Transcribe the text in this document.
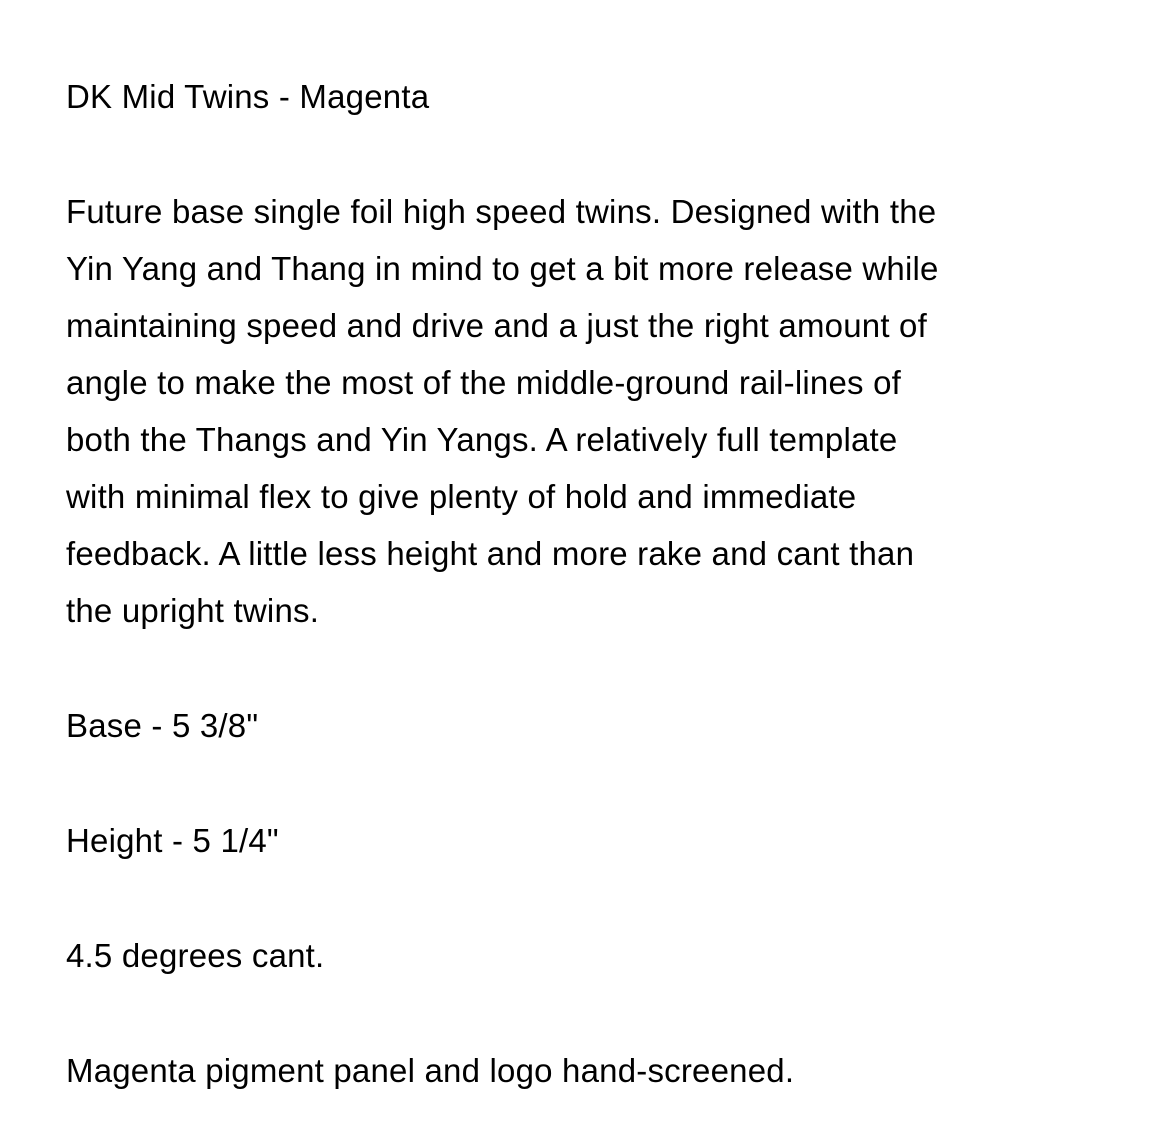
DK Mid Twins - Magenta
Future base single foil high speed twins. Designed with the
Yin Yang and Thang in mind to get a bit more release while
maintaining speed and drive and a just the right amount of
angle to make the most of the middle-ground rail-lines of
both the Thangs and Yin Yangs. A relatively full template
with minimal flex to give plenty of hold and immediate
feedback. A little less height and more rake and cant than
the upright twins.
Base - 5 3/8"
Height - 5 1/4"
4.5 degrees cant.
Magenta pigment panel and logo hand-screened.
